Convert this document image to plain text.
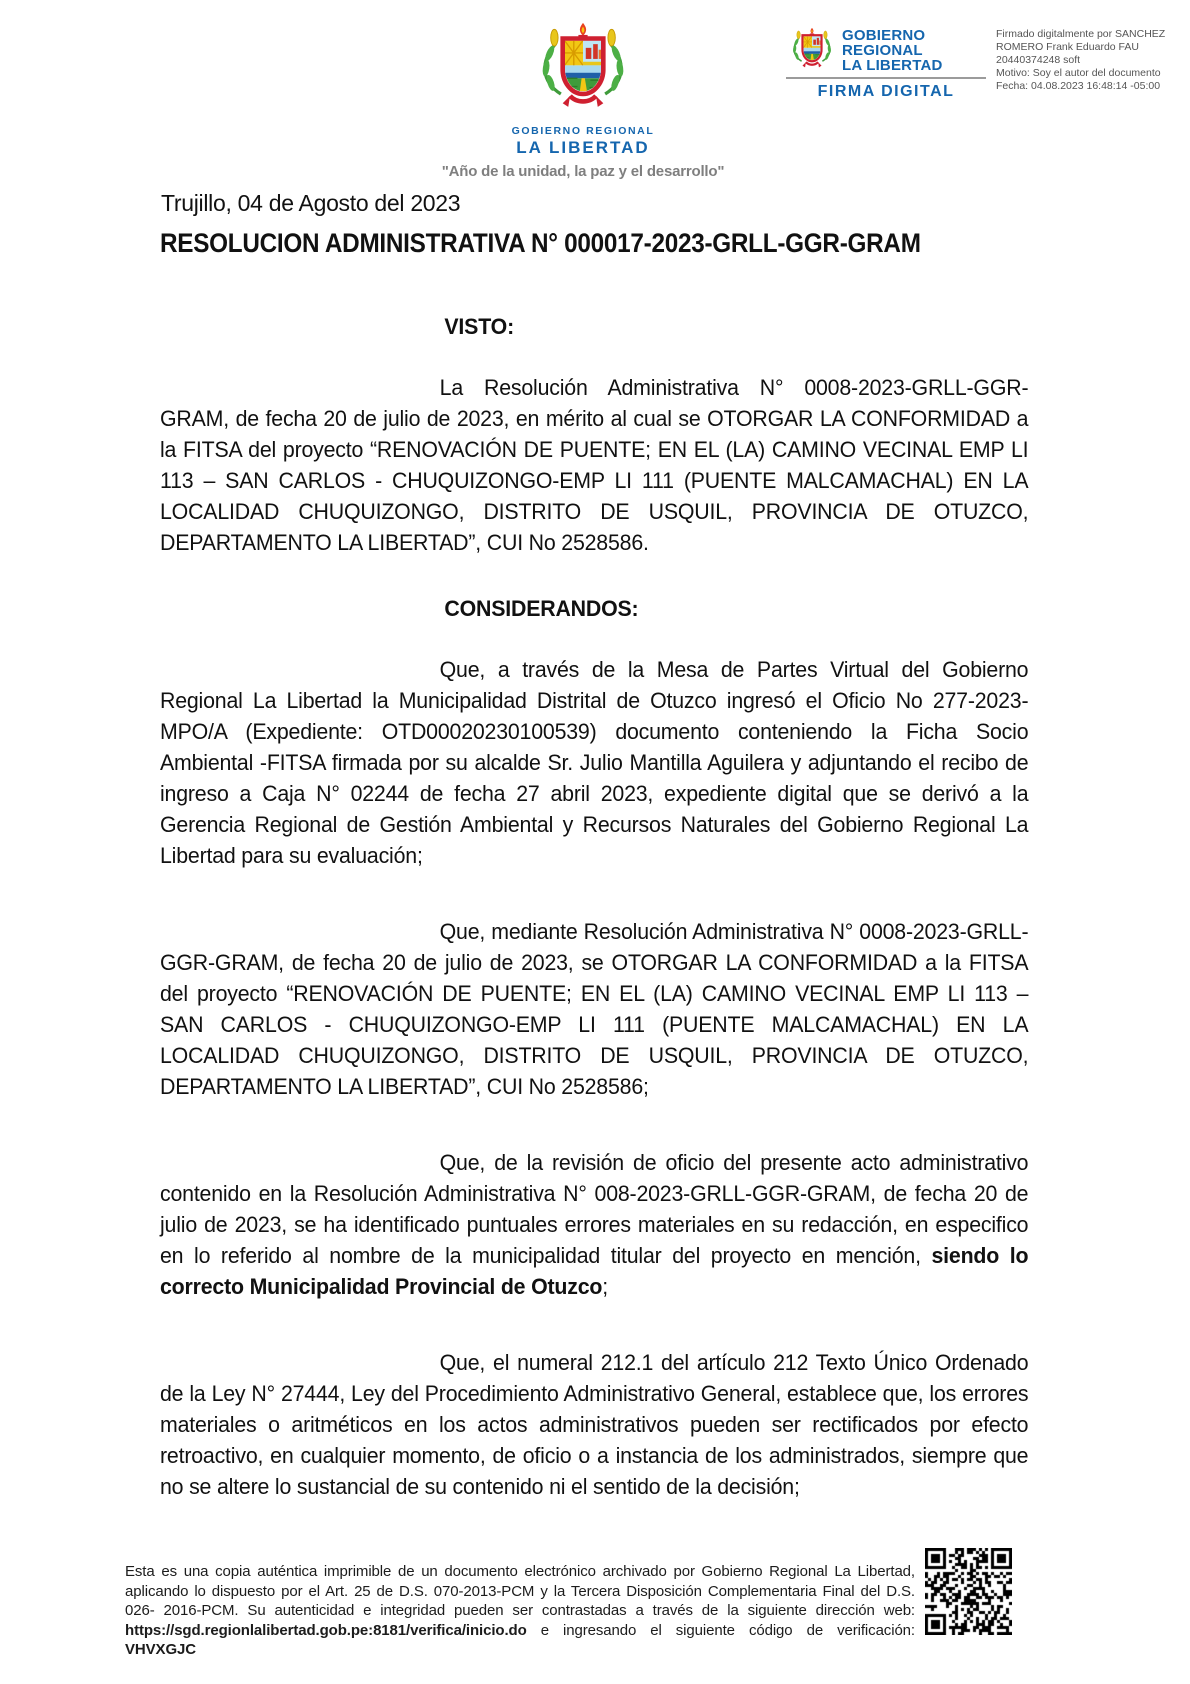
GOBIERNO REGIONAL
LA LIBERTAD
"Año de la unidad, la paz y el desarrollo"
GOBIERNO
REGIONAL
LA LIBERTAD
FIRMA DIGITAL
Firmado digitalmente por SANCHEZ
ROMERO Frank Eduardo FAU
20440374248 soft
Motivo: Soy el autor del documento
Fecha: 04.08.2023 16:48:14 -05:00
Trujillo, 04 de Agosto del 2023
RESOLUCION ADMINISTRATIVA N° 000017-2023-GRLL-GGR-GRAM
VISTO:

La Resolución Administrativa N° 0008-2023-GRLL-GGR-GRAM, de fecha 20 de julio de 2023, en mérito al cual se OTORGAR LA CONFORMIDAD a la FITSA del proyecto “RENOVACIÓN DE PUENTE; EN EL (LA) CAMINO VECINAL EMP LI 113 – SAN CARLOS - CHUQUIZONGO-EMP LI 111 (PUENTE MALCAMACHAL) EN LA LOCALIDAD CHUQUIZONGO, DISTRITO DE USQUIL, PROVINCIA DE OTUZCO, DEPARTAMENTO LA LIBERTAD”, CUI No 2528586.

CONSIDERANDOS:

Que, a través de la Mesa de Partes Virtual del Gobierno Regional La Libertad la Municipalidad Distrital de Otuzco ingresó el Oficio No 277-2023-MPO/A (Expediente: OTD00020230100539) documento conteniendo la Ficha Socio Ambiental -FITSA firmada por su alcalde Sr. Julio Mantilla Aguilera y adjuntando el recibo de ingreso a Caja N° 02244 de fecha 27 abril 2023, expediente digital que se derivó a la Gerencia Regional de Gestión Ambiental y Recursos Naturales del Gobierno Regional La Libertad para su evaluación;

Que, mediante Resolución Administrativa N° 0008-2023-GRLL-GGR-GRAM, de fecha 20 de julio de 2023, se OTORGAR LA CONFORMIDAD a la FITSA del proyecto “RENOVACIÓN DE PUENTE; EN EL (LA) CAMINO VECINAL EMP LI 113 – SAN CARLOS - CHUQUIZONGO-EMP LI 111 (PUENTE MALCAMACHAL) EN LA LOCALIDAD CHUQUIZONGO, DISTRITO DE USQUIL, PROVINCIA DE OTUZCO, DEPARTAMENTO LA LIBERTAD”, CUI No 2528586;

Que, de la revisión de oficio del presente acto administrativo contenido en la Resolución Administrativa N° 008-2023-GRLL-GGR-GRAM, de fecha 20 de julio de 2023, se ha identificado puntuales errores materiales en su redacción, en especifico en lo referido al nombre de la municipalidad titular del proyecto en mención, siendo lo correcto Municipalidad Provincial de Otuzco;

Que, el numeral 212.1 del artículo 212 Texto Único Ordenado de la Ley N° 27444, Ley del Procedimiento Administrativo General, establece que, los errores materiales o aritméticos en los actos administrativos pueden ser rectificados por efecto retroactivo, en cualquier momento, de oficio o a instancia de los administrados, siempre que no se altere lo sustancial de su contenido ni el sentido de la decisión;

Esta es una copia auténtica imprimible de un documento electrónico archivado por Gobierno Regional La Libertad, aplicando lo dispuesto por el Art. 25 de D.S. 070-2013-PCM y la Tercera Disposición Complementaria Final del D.S. 026- 2016-PCM. Su autenticidad e integridad pueden ser contrastadas a través de la siguiente dirección web: https://sgd.regionlalibertad.gob.pe:8181/verifica/inicio.do e ingresando el siguiente código de verificación: VHVXGJC
